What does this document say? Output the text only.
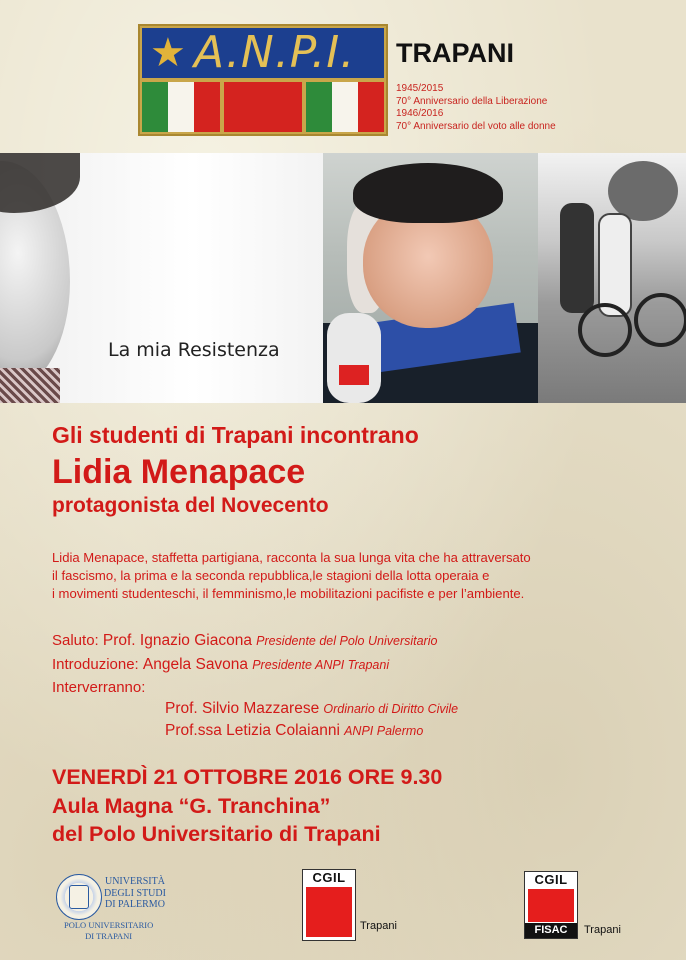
★ A.N.P.I. TRAPANI
1945/2015
70° Anniversario della Liberazione
1946/2016
70° Anniversario del voto alle donne
La mia Resistenza
Gli studenti di Trapani incontrano
Lidia Menapace
protagonista del Novecento
Lidia Menapace, staffetta partigiana, racconta la sua lunga vita che ha attraversato
il fascismo, la prima e la seconda repubblica,le stagioni della lotta operaia e
i movimenti studenteschi, il femminismo,le mobilitazioni pacifiste e per l’ambiente.
Saluto: Prof. Ignazio Giacona Presidente del Polo Universitario
Introduzione: Angela Savona Presidente ANPI Trapani
Interverranno:
Prof. Silvio Mazzarese Ordinario di Diritto Civile
Prof.ssa Letizia Colaianni ANPI Palermo
VENERDÌ 21 OTTOBRE 2016 ORE 9.30
Aula Magna “G. Tranchina”
del Polo Universitario di Trapani
UNIVERSITÀ
DEGLI STUDI
DI PALERMO
POLO UNIVERSITARIO
DI TRAPANI
CGIL
Trapani
CGIL
FISAC	Trapani
